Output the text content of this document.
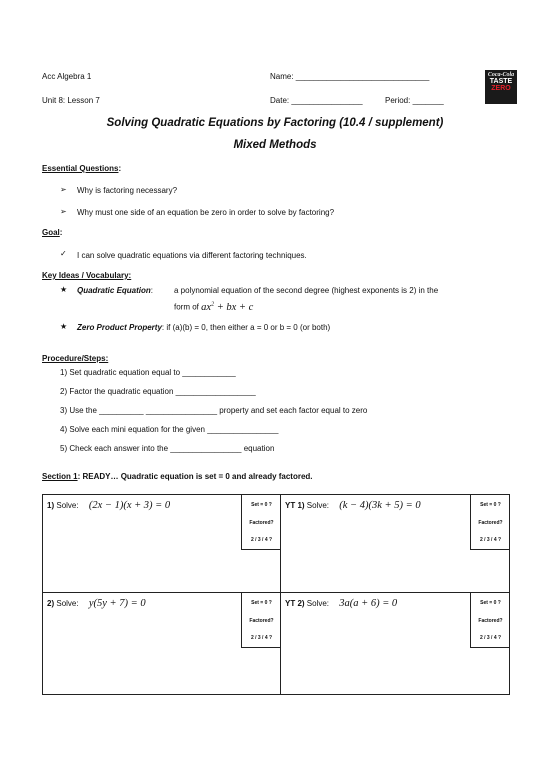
Acc Algebra 1	Name: ______________________________
Unit 8: Lesson 7	Date: ________________	Period: _______
Coca-Cola
TASTE
ZERO
Solving Quadratic Equations by Factoring (10.4 / supplement)
Mixed Methods
Essential Questions:
➢ Why is factoring necessary?
➢ Why must one side of an equation be zero in order to solve by factoring?
Goal:
✓ I can solve quadratic equations via different factoring techniques.
Key Ideas / Vocabulary:
★ Quadratic Equation:	a polynomial equation of the second degree (highest exponents is 2) in the
form of $ax^2$ + bx + c
★ Zero Product Property: if (a)(b) = 0, then either a = 0 or b = 0 (or both)
Procedure/Steps:
1) Set quadratic equation equal to ____________
2) Factor the quadratic equation __________________
3) Use the __________ ________________ property and set each factor equal to zero
4) Solve each mini equation for the given ________________
5) Check each answer into the ________________ equation
Section 1: READY… Quadratic equation is set = 0 and already factored.
1) Solve: (2x − 1)(x + 3) = 0	Set = 0 ?
Factored?
2 / 3 / 4 ?
YT 1) Solve: (k − 4)(3k + 5) = 0	Set = 0 ?
Factored?
2 / 3 / 4 ?
2) Solve: y(5y + 7) = 0	Set = 0 ?
Factored?
2 / 3 / 4 ?
YT 2) Solve: 3a(a + 6) = 0	Set = 0 ?
Factored?
2 / 3 / 4 ?
